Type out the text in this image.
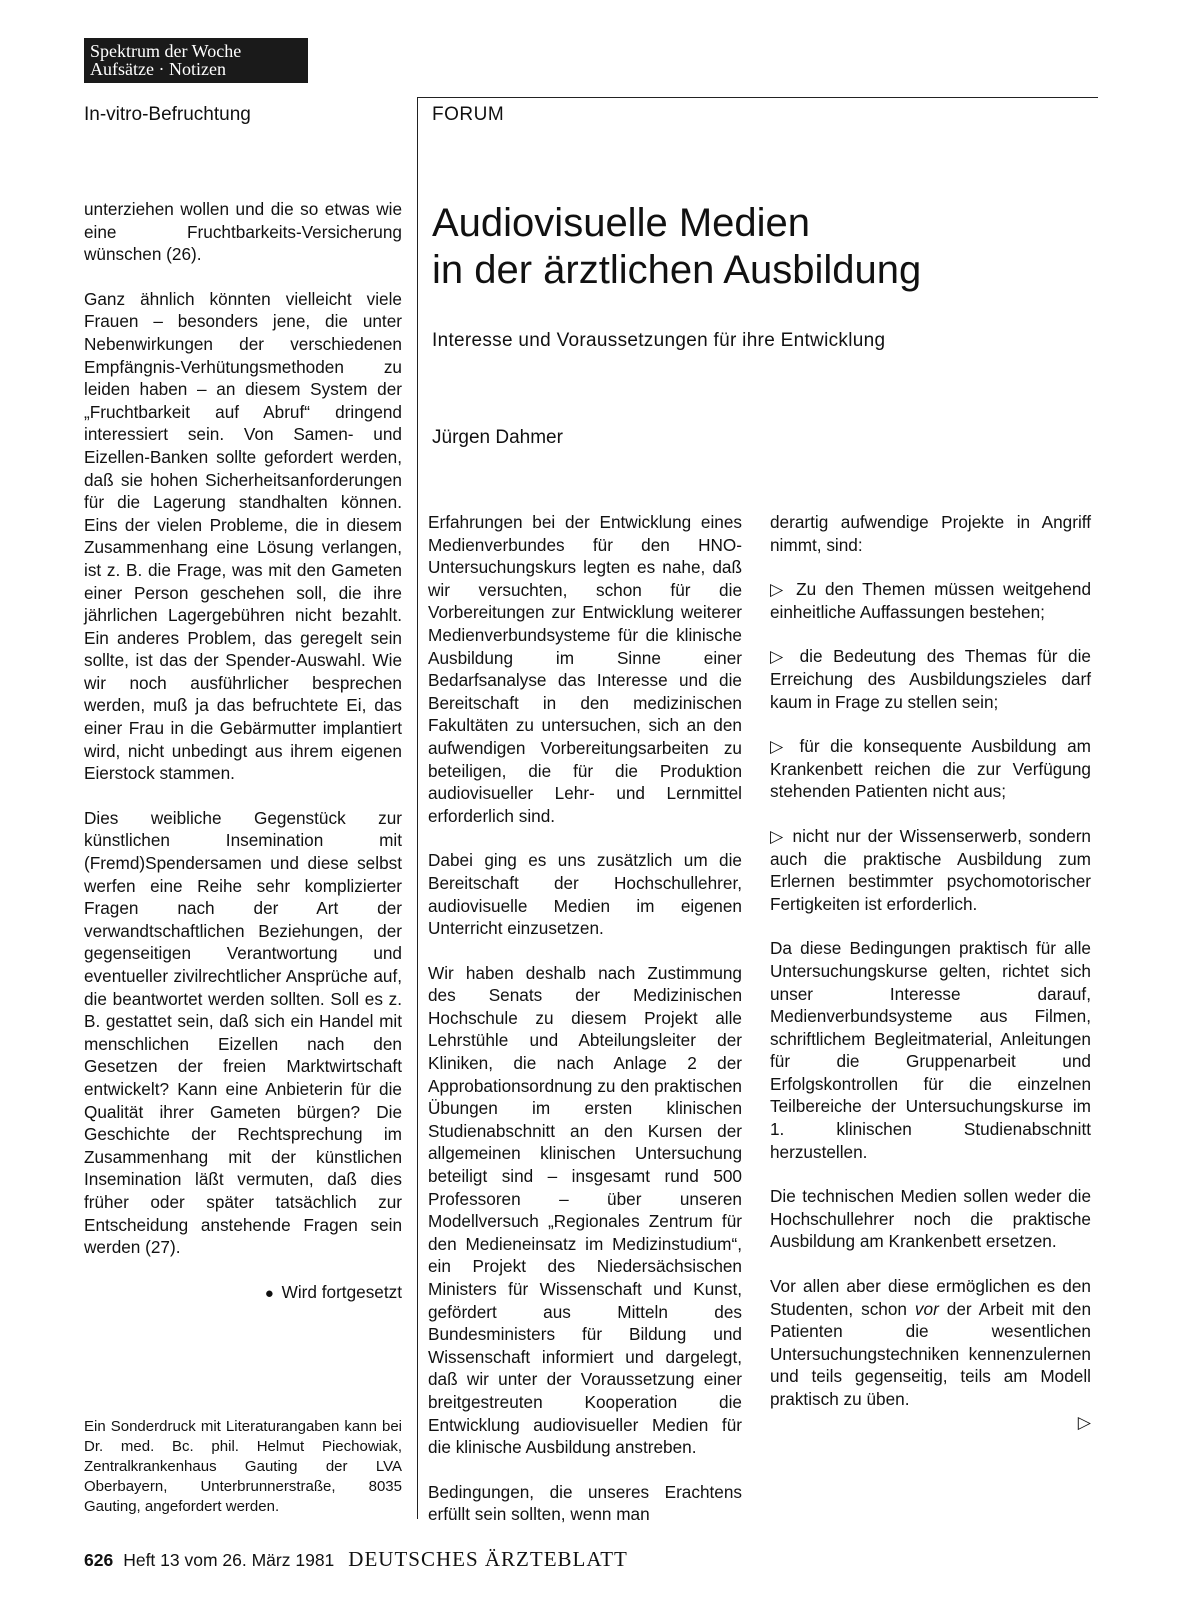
Spektrum der Woche
Aufsätze · Notizen
In-vitro-Befruchtung	FORUM

unterziehen wollen und die so etwas wie eine Fruchtbarkeits-Versicherung wünschen (26).

Ganz ähnlich könnten vielleicht viele Frauen – besonders jene, die unter Nebenwirkungen der verschiedenen Empfängnis-Verhütungsmethoden zu leiden haben – an diesem System der „Fruchtbarkeit auf Abruf“ dringend interessiert sein. Von Samen- und Eizellen-Banken sollte gefordert werden, daß sie hohen Sicherheitsanforderungen für die Lagerung standhalten können. Eins der vielen Probleme, die in diesem Zusammenhang eine Lösung verlangen, ist z. B. die Frage, was mit den Gameten einer Person geschehen soll, die ihre jährlichen Lagergebühren nicht bezahlt. Ein anderes Problem, das geregelt sein sollte, ist das der Spender-Auswahl. Wie wir noch ausführlicher besprechen werden, muß ja das befruchtete Ei, das einer Frau in die Gebärmutter implantiert wird, nicht unbedingt aus ihrem eigenen Eierstock stammen.

Dies weibliche Gegenstück zur künstlichen Insemination mit (Fremd)Spendersamen und diese selbst werfen eine Reihe sehr komplizierter Fragen nach der Art der verwandtschaftlichen Beziehungen, der gegenseitigen Verantwortung und eventueller zivilrechtlicher Ansprüche auf, die beantwortet werden sollten. Soll es z. B. gestattet sein, daß sich ein Handel mit menschlichen Eizellen nach den Gesetzen der freien Marktwirtschaft entwickelt? Kann eine Anbieterin für die Qualität ihrer Gameten bürgen? Die Geschichte der Rechtsprechung im Zusammenhang mit der künstlichen Insemination läßt vermuten, daß dies früher oder später tatsächlich zur Entscheidung anstehende Fragen sein werden (27).

● Wird fortgesetzt
Ein Sonderdruck mit Literaturangaben kann bei Dr. med. Bc. phil. Helmut Piechowiak, Zentralkrankenhaus Gauting der LVA Oberbayern, Unterbrunnerstraße, 8035 Gauting, angefordert werden.
Audiovisuelle Medien
in der ärztlichen Ausbildung
Interesse und Voraussetzungen für ihre Entwicklung
Jürgen Dahmer

Erfahrungen bei der Entwicklung eines Medienverbundes für den HNO-Untersuchungskurs legten es nahe, daß wir versuchten, schon für die Vorbereitungen zur Entwicklung weiterer Medienverbundsysteme für die klinische Ausbildung im Sinne einer Bedarfsanalyse das Interesse und die Bereitschaft in den medizinischen Fakultäten zu untersuchen, sich an den aufwendigen Vorbereitungsarbeiten zu beteiligen, die für die Produktion audiovisueller Lehr- und Lernmittel erforderlich sind.

Dabei ging es uns zusätzlich um die Bereitschaft der Hochschullehrer, audiovisuelle Medien im eigenen Unterricht einzusetzen.

Wir haben deshalb nach Zustimmung des Senats der Medizinischen Hochschule zu diesem Projekt alle Lehrstühle und Abteilungsleiter der Kliniken, die nach Anlage 2 der Approbationsordnung zu den praktischen Übungen im ersten klinischen Studienabschnitt an den Kursen der allgemeinen klinischen Untersuchung beteiligt sind – insgesamt rund 500 Professoren – über unseren Modellversuch „Regionales Zentrum für den Medieneinsatz im Medizinstudium“, ein Projekt des Niedersächsischen Ministers für Wissenschaft und Kunst, gefördert aus Mitteln des Bundesministers für Bildung und Wissenschaft informiert und dargelegt, daß wir unter der Voraussetzung einer breitgestreuten Kooperation die Entwicklung audiovisueller Medien für die klinische Ausbildung anstreben.

Bedingungen, die unseres Erachtens erfüllt sein sollten, wenn man

derartig aufwendige Projekte in Angriff nimmt, sind:

▷ Zu den Themen müssen weitgehend einheitliche Auffassungen bestehen;

▷ die Bedeutung des Themas für die Erreichung des Ausbildungszieles darf kaum in Frage zu stellen sein;

▷ für die konsequente Ausbildung am Krankenbett reichen die zur Verfügung stehenden Patienten nicht aus;

▷ nicht nur der Wissenserwerb, sondern auch die praktische Ausbildung zum Erlernen bestimmter psychomotorischer Fertigkeiten ist erforderlich.

Da diese Bedingungen praktisch für alle Untersuchungskurse gelten, richtet sich unser Interesse darauf, Medienverbundsysteme aus Filmen, schriftlichem Begleitmaterial, Anleitungen für die Gruppenarbeit und Erfolgskontrollen für die einzelnen Teilbereiche der Untersuchungskurse im 1. klinischen Studienabschnitt herzustellen.

Die technischen Medien sollen weder die Hochschullehrer noch die praktische Ausbildung am Krankenbett ersetzen.

Vor allen aber diese ermöglichen es den Studenten, schon vor der Arbeit mit den Patienten die wesentlichen Untersuchungstechniken kennenzulernen und teils gegenseitig, teils am Modell praktisch zu üben.

▷
626 Heft 13 vom 26. März 1981 DEUTSCHES ÄRZTEBLATT
